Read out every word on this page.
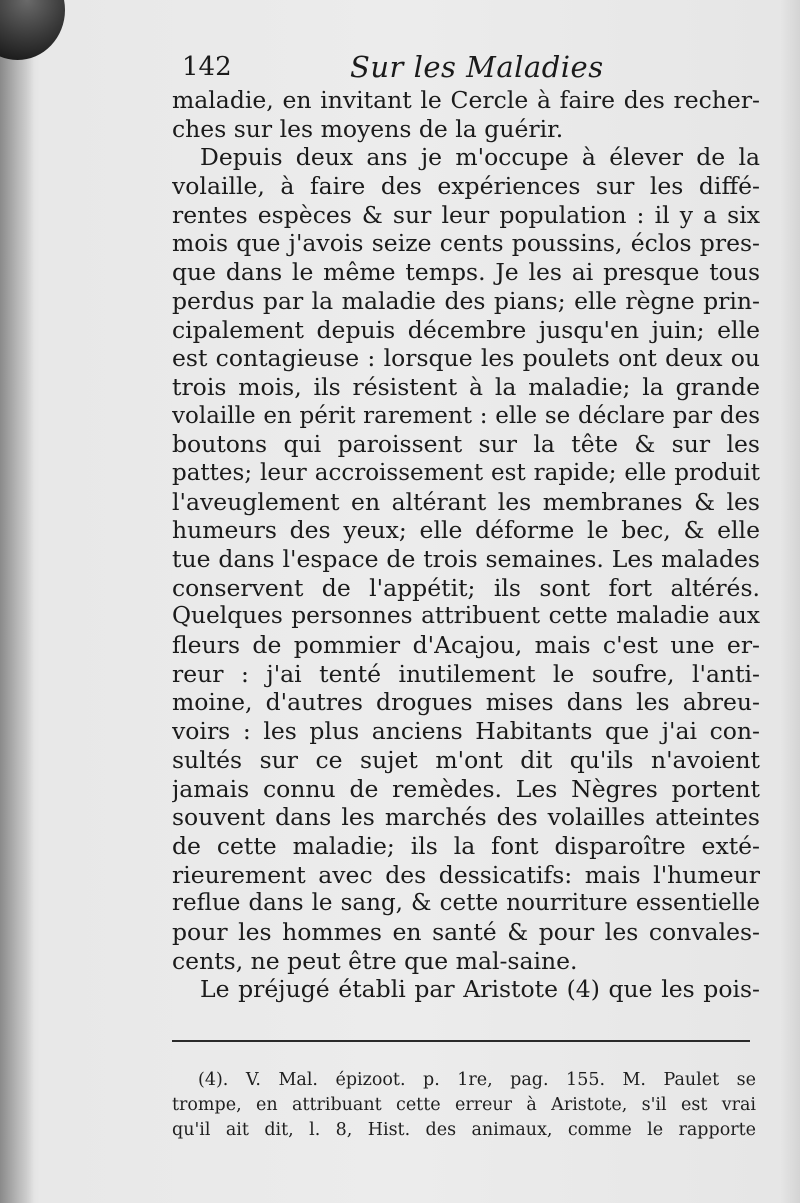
142	Sur les Maladies
maladie, en invitant le Cercle à faire des recher-
ches sur les moyens de la guérir.
Depuis deux ans je m'occupe à élever de la
volaille, à faire des expériences sur les diffé-
rentes espèces & sur leur population : il y a six
mois que j'avois seize cents poussins, éclos pres-
que dans le même temps. Je les ai presque tous
perdus par la maladie des pians; elle règne prin-
cipalement depuis décembre jusqu'en juin; elle
est contagieuse : lorsque les poulets ont deux ou
trois mois, ils résistent à la maladie; la grande
volaille en périt rarement : elle se déclare par des
boutons qui paroissent sur la tête & sur les
pattes; leur accroissement est rapide; elle produit
l'aveuglement en altérant les membranes & les
humeurs des yeux; elle déforme le bec, & elle
tue dans l'espace de trois semaines. Les malades
conservent de l'appétit; ils sont fort altérés.
Quelques personnes attribuent cette maladie aux
fleurs de pommier d'Acajou, mais c'est une er-
reur : j'ai tenté inutilement le soufre, l'anti-
moine, d'autres drogues mises dans les abreu-
voirs : les plus anciens Habitants que j'ai con-
sultés sur ce sujet m'ont dit qu'ils n'avoient
jamais connu de remèdes. Les Nègres portent
souvent dans les marchés des volailles atteintes
de cette maladie; ils la font disparoître exté-
rieurement avec des dessicatifs: mais l'humeur
reflue dans le sang, & cette nourriture essentielle
pour les hommes en santé & pour les convales-
cents, ne peut être que mal-saine.
Le préjugé établi par Aristote (4) que les pois-
(4). V. Mal. épizoot. p. 1re, pag. 155. M. Paulet se
trompe, en attribuant cette erreur à Aristote, s'il est vrai
qu'il ait dit, l. 8, Hist. des animaux, comme le rapporte
